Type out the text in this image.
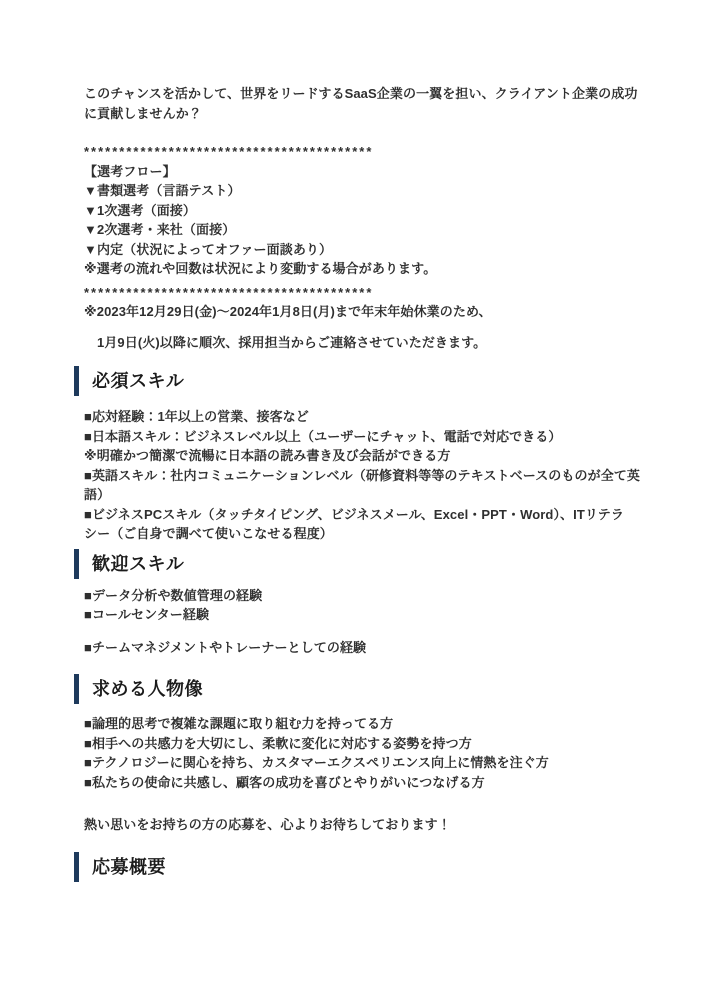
このチャンスを活かして、世界をリードするSaaS企業の一翼を担い、クライアント企業の成功
に貢献しませんか？
*****************************************
【選考フロー】
▼書類選考（言語テスト）
▼1次選考（面接）
▼2次選考・来社（面接）
▼内定（状況によってオファー面談あり）
※選考の流れや回数は状況により変動する場合があります。
*****************************************
※2023年12月29日(金)～2024年1月8日(月)まで年末年始休業のため、
1月9日(火)以降に順次、採用担当からご連絡させていただきます。
必須スキル
■応対経験：1年以上の営業、接客など
■日本語スキル：ビジネスレベル以上（ユーザーにチャット、電話で対応できる）
※明確かつ簡潔で流暢に日本語の読み書き及び会話ができる方
■英語スキル：社内コミュニケーションレベル（研修資料等等のテキストベースのものが全て英
語）
■ビジネスPCスキル（タッチタイピング、ビジネスメール、Excel・PPT・Word）、ITリテラ
シー（ご自身で調べて使いこなせる程度）
歓迎スキル
■データ分析や数値管理の経験
■コールセンター経験
■チームマネジメントやトレーナーとしての経験
求める人物像
■論理的思考で複雑な課題に取り組む力を持ってる方
■相手への共感力を大切にし、柔軟に変化に対応する姿勢を持つ方
■テクノロジーに関心を持ち、カスタマーエクスペリエンス向上に情熱を注ぐ方
■私たちの使命に共感し、顧客の成功を喜びとやりがいにつなげる方
熱い思いをお持ちの方の応募を、心よりお待ちしております！
応募概要
